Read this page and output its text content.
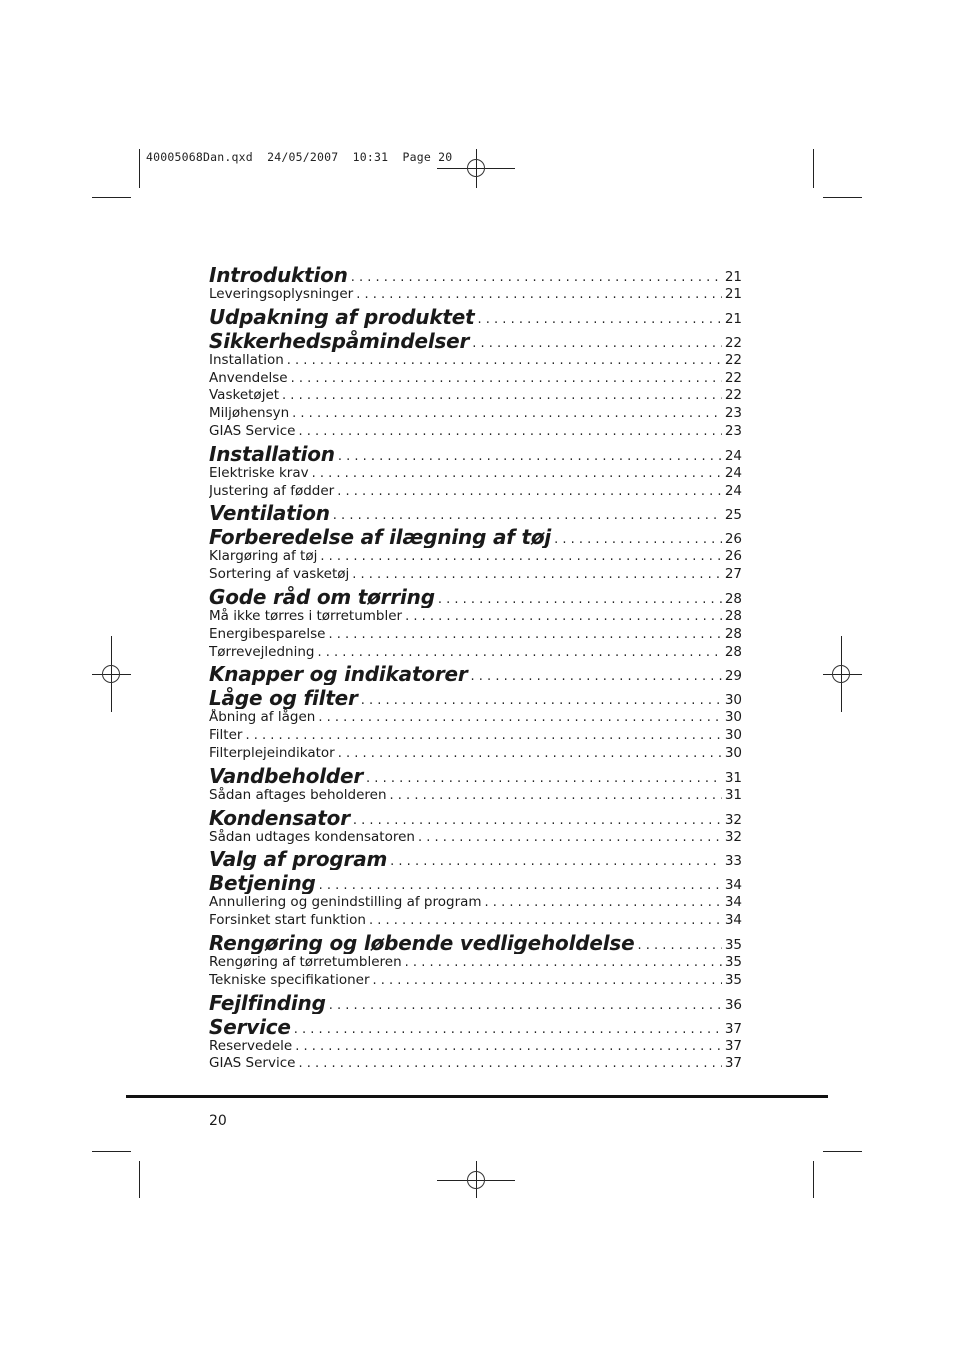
40005068Dan.qxd  24/05/2007  10:31  Page 20
Introduktion . . .	21
Leveringsoplysninger . . .	21
Udpakning af produktet . . .	21
Sikkerhedspåmindelser . . .	22
Installation . . .	22
Anvendelse . . .	22
Vasketøjet . . .	22
Miljøhensyn . . .	23
GIAS Service . . .	23
Installation . . .	24
Elektriske krav . . .	24
Justering af fødder . . .	24
Ventilation . . .	25
Forberedelse af ilægning af tøj . . .	26
Klargøring af tøj . . .	26
Sortering af vasketøj . . .	27
Gode råd om tørring . . .	28
Må ikke tørres i tørretumbler . . .	28
Energibesparelse . . .	28
Tørrevejledning . . .	28
Knapper og indikatorer . . .	29
Låge og filter . . .	30
Åbning af lågen . . .	30
Filter . . .	30
Filterplejeindikator . . .	30
Vandbeholder . . .	31
Sådan aftages beholderen . . .	31
Kondensator . . .	32
Sådan udtages kondensatoren . . .	32
Valg af program . . .	33
Betjening . . .	34
Annullering og genindstilling af program . . .	34
Forsinket start funktion . . .	34
Rengøring og løbende vedligeholdelse . . .	35
Rengøring af tørretumbleren . . .	35
Tekniske specifikationer . . .	35
Fejlfinding . . .	36
Service . . .	37
Reservedele . . .	37
GIAS Service . . .	37
20
